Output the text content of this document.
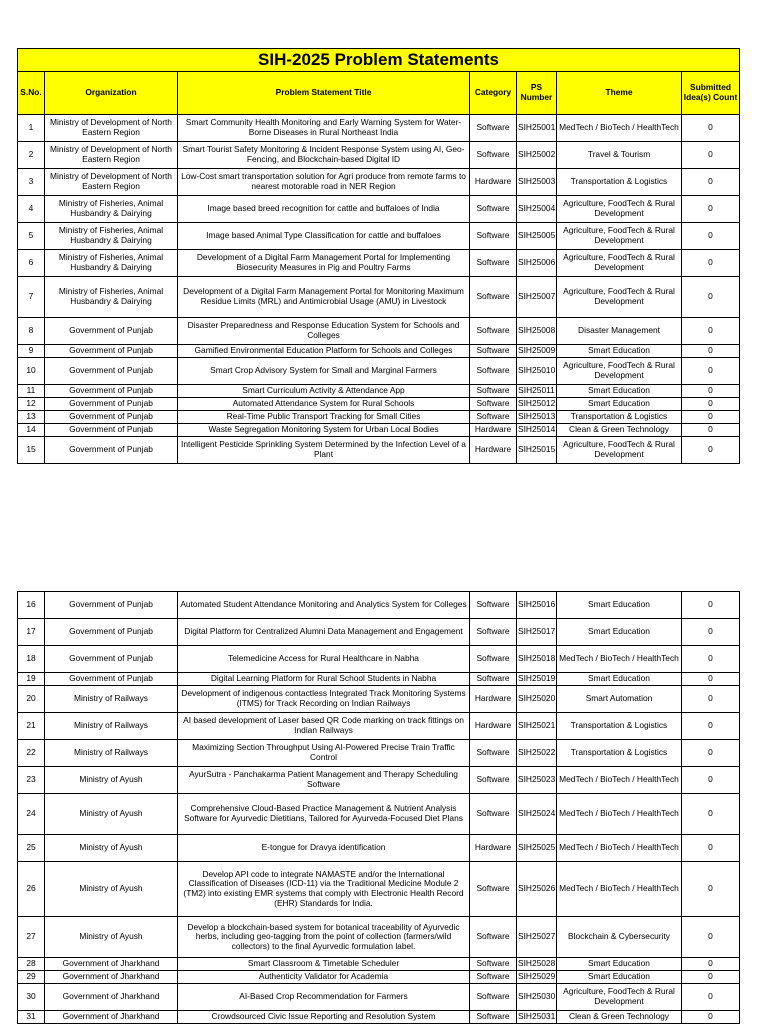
SIH-2025 Problem Statements						
S.No.	Organization	Problem Statement Title	Category	PS Number	Theme	Submitted Idea(s) Count
1	Ministry of Development of North Eastern Region	Smart Community Health Monitoring and Early Warning System for Water-Borne Diseases in Rural Northeast India	Software	SIH25001	MedTech / BioTech / HealthTech	0
2	Ministry of Development of North Eastern Region	Smart Tourist Safety Monitoring & Incident Response System using AI, Geo-Fencing, and Blockchain-based Digital ID	Software	SIH25002	Travel & Tourism	0
3	Ministry of Development of North Eastern Region	Low-Cost smart transportation solution for Agri produce from remote farms to nearest motorable road in NER Region	Hardware	SIH25003	Transportation & Logistics	0
4	Ministry of Fisheries, Animal Husbandry & Dairying	Image based breed recognition for cattle and buffaloes of India	Software	SIH25004	Agriculture, FoodTech & Rural Development	0
5	Ministry of Fisheries, Animal Husbandry & Dairying	Image based Animal Type Classification for cattle and buffaloes	Software	SIH25005	Agriculture, FoodTech & Rural Development	0
6	Ministry of Fisheries, Animal Husbandry & Dairying	Development of a Digital Farm Management Portal for Implementing Biosecurity Measures in Pig and Poultry Farms	Software	SIH25006	Agriculture, FoodTech & Rural Development	0
7	Ministry of Fisheries, Animal Husbandry & Dairying	Development of a Digital Farm Management Portal for Monitoring Maximum Residue Limits (MRL) and Antimicrobial Usage (AMU) in Livestock	Software	SIH25007	Agriculture, FoodTech & Rural Development	0
8	Government of Punjab	Disaster Preparedness and Response Education System for Schools and Colleges	Software	SIH25008	Disaster Management	0
9	Government of Punjab	Gamified Environmental Education Platform for Schools and Colleges	Software	SIH25009	Smart Education	0
10	Government of Punjab	Smart Crop Advisory System for Small and Marginal Farmers	Software	SIH25010	Agriculture, FoodTech & Rural Development	0
11	Government of Punjab	Smart Curriculum Activity & Attendance App	Software	SIH25011	Smart Education	0
12	Government of Punjab	Automated Attendance System for Rural Schools	Software	SIH25012	Smart Education	0
13	Government of Punjab	Real-Time Public Transport Tracking for Small Cities	Software	SIH25013	Transportation & Logistics	0
14	Government of Punjab	Waste Segregation Monitoring System for Urban Local Bodies	Hardware	SIH25014	Clean & Green Technology	0
15	Government of Punjab	Intelligent Pesticide Sprinkling System Determined by the Infection Level of a Plant	Hardware	SIH25015	Agriculture, FoodTech & Rural Development	0
16	Government of Punjab	Automated Student Attendance Monitoring and Analytics System for Colleges	Software	SIH25016	Smart Education	0
17	Government of Punjab	Digital Platform for Centralized Alumni Data Management and Engagement	Software	SIH25017	Smart Education	0
18	Government of Punjab	Telemedicine Access for Rural Healthcare in Nabha	Software	SIH25018	MedTech / BioTech / HealthTech	0
19	Government of Punjab	Digital Learning Platform for Rural School Students in Nabha	Software	SIH25019	Smart Education	0
20	Ministry of Railways	Development of indigenous contactless Integrated Track Monitoring Systems (ITMS) for Track Recording on Indian Railways	Hardware	SIH25020	Smart Automation	0
21	Ministry of Railways	AI based development of Laser based QR Code marking on track fittings on Indian Railways	Hardware	SIH25021	Transportation & Logistics	0
22	Ministry of Railways	Maximizing Section Throughput Using AI-Powered Precise Train Traffic Control	Software	SIH25022	Transportation & Logistics	0
23	Ministry of Ayush	AyurSutra - Panchakarma Patient Management and Therapy Scheduling Software	Software	SIH25023	MedTech / BioTech / HealthTech	0
24	Ministry of Ayush	Comprehensive Cloud-Based Practice Management & Nutrient Analysis Software for Ayurvedic Dietitians, Tailored for Ayurveda-Focused Diet Plans	Software	SIH25024	MedTech / BioTech / HealthTech	0
25	Ministry of Ayush	E-tongue for Dravya identification	Hardware	SIH25025	MedTech / BioTech / HealthTech	0
26	Ministry of Ayush	Develop API code to integrate NAMASTE and/or the International Classification of Diseases (ICD-11) via the Traditional Medicine Module 2 (TM2) into existing EMR systems that comply with Electronic Health Record (EHR) Standards for India.	Software	SIH25026	MedTech / BioTech / HealthTech	0
27	Ministry of Ayush	Develop a blockchain-based system for botanical traceability of Ayurvedic herbs, including geo-tagging from the point of collection (farmers/wild collectors) to the final Ayurvedic formulation label.	Software	SIH25027	Blockchain & Cybersecurity	0
28	Government of Jharkhand	Smart Classroom & Timetable Scheduler	Software	SIH25028	Smart Education	0
29	Government of Jharkhand	Authenticity Validator for Academia	Software	SIH25029	Smart Education	0
30	Government of Jharkhand	AI-Based Crop Recommendation for Farmers	Software	SIH25030	Agriculture, FoodTech & Rural Development	0
31	Government of Jharkhand	Crowdsourced Civic Issue Reporting and Resolution System	Software	SIH25031	Clean & Green Technology	0
